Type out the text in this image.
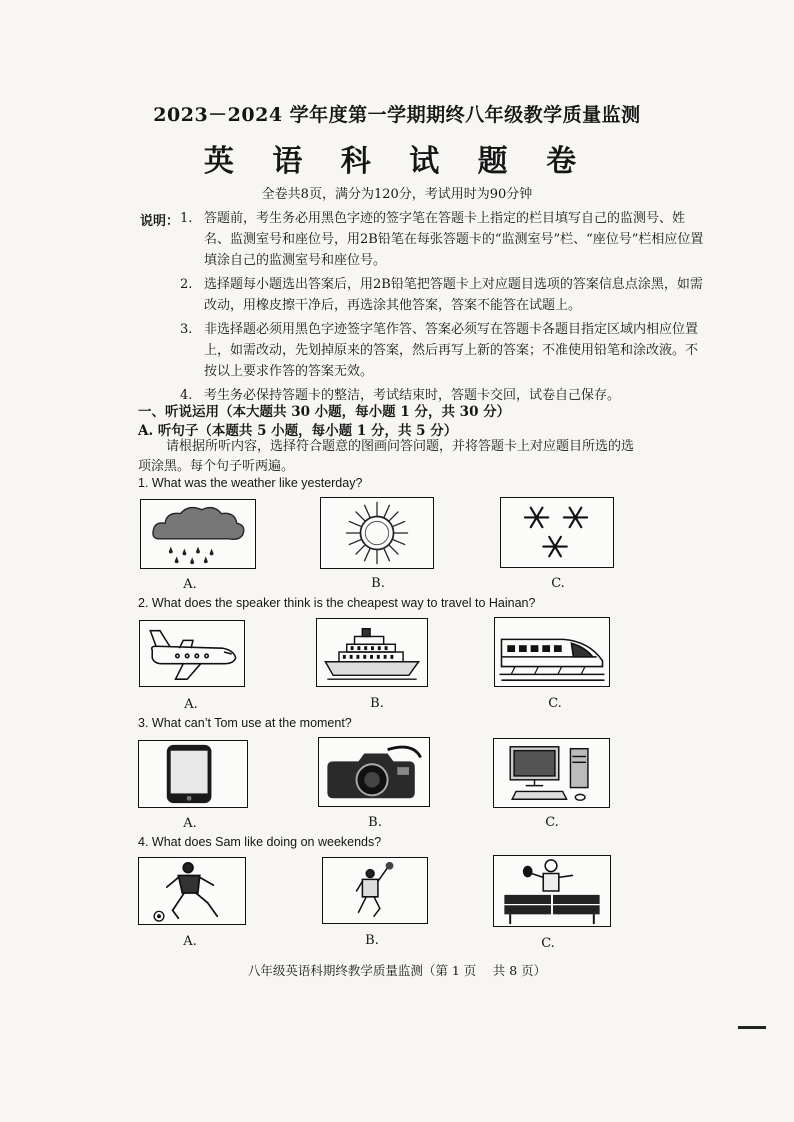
2023－2024 学年度第一学期期终八年级教学质量监测
英 语 科 试 题 卷
全卷共8页，满分为120分，考试用时为90分钟
说明： 1. 答题前，考生务必用黑色字迹的签字笔在答题卡上指定的栏目填写自己的监测号、姓名、监测室号和座位号，用2B铅笔在每张答题卡的“监测室号”栏、“座位号”栏相应位置填涂自己的监测室号和座位号。
2. 选择题每小题选出答案后，用2B铅笔把答题卡上对应题目选项的答案信息点涂黑，如需改动，用橡皮擦干净后，再选涂其他答案，答案不能答在试题上。
3. 非选择题必须用黑色字迹签字笔作答、答案必须写在答题卡各题目指定区域内相应位置上，如需改动，先划掉原来的答案，然后再写上新的答案；不准使用铅笔和涂改液。不按以上要求作答的答案无效。
4. 考生务必保持答题卡的整洁，考试结束时，答题卡交回，试卷自己保存。
一、听说运用（本大题共 30 小题，每小题 1 分，共 30 分）
A. 听句子（本题共 5 小题，每小题 1 分，共 5 分）
请根据所听内容，选择符合题意的图画问答问题，并将答题卡上对应题目所选的选项涂黑。每个句子听两遍。
1. What was the weather like yesterday?
A.	B.	C.
2. What does the speaker think is the cheapest way to travel to Hainan?
A.	B.	C.
3. What can’t Tom use at the moment?
A.	B.	C.
4. What does Sam like doing on weekends?
A.	B.	C.
八年级英语科期终教学质量监测（第 1 页　 共 8 页）
